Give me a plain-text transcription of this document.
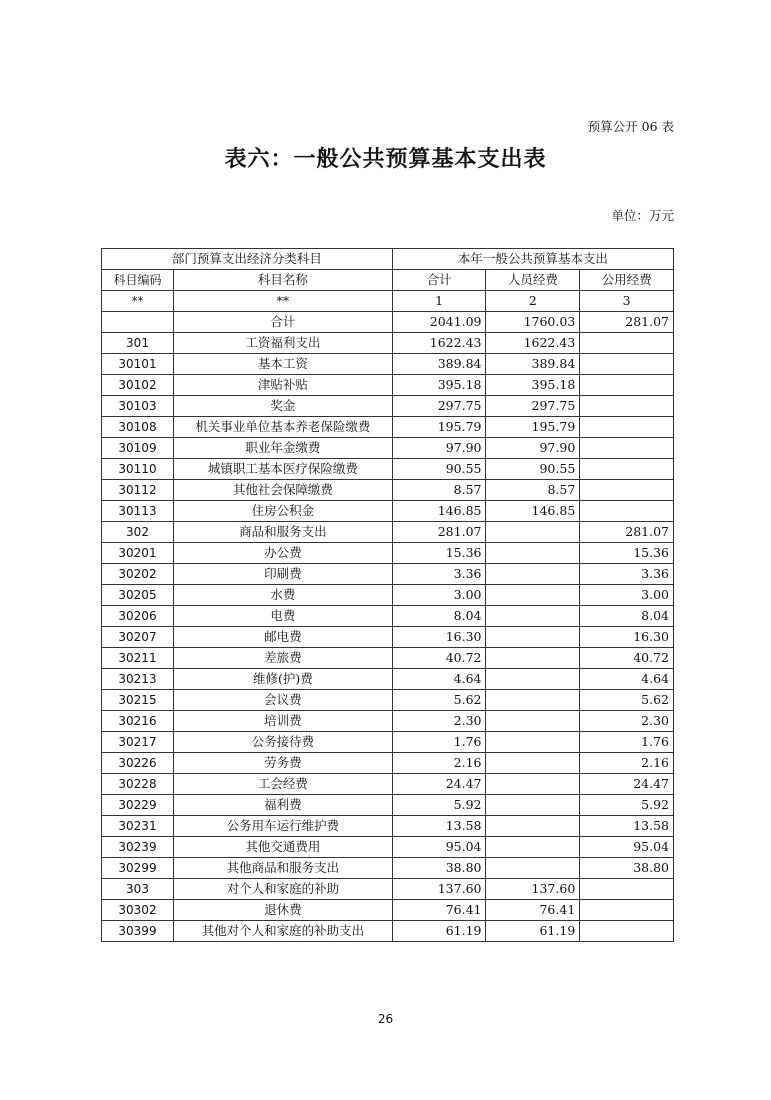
预算公开 06 表
表六：一般公共预算基本支出表
单位：万元
部门预算支出经济分类科目		本年一般公共预算基本支出		
科目编码	科目名称	合计	人员经费	公用经费
**	**	1	2	3
	合计	2041.09	1760.03	281.07
301	工资福利支出	1622.43	1622.43	
30101	基本工资	389.84	389.84	
30102	津贴补贴	395.18	395.18	
30103	奖金	297.75	297.75	
30108	机关事业单位基本养老保险缴费	195.79	195.79	
30109	职业年金缴费	97.90	97.90	
30110	城镇职工基本医疗保险缴费	90.55	90.55	
30112	其他社会保障缴费	8.57	8.57	
30113	住房公积金	146.85	146.85	
302	商品和服务支出	281.07		281.07
30201	办公费	15.36		15.36
30202	印刷费	3.36		3.36
30205	水费	3.00		3.00
30206	电费	8.04		8.04
30207	邮电费	16.30		16.30
30211	差旅费	40.72		40.72
30213	维修(护)费	4.64		4.64
30215	会议费	5.62		5.62
30216	培训费	2.30		2.30
30217	公务接待费	1.76		1.76
30226	劳务费	2.16		2.16
30228	工会经费	24.47		24.47
30229	福利费	5.92		5.92
30231	公务用车运行维护费	13.58		13.58
30239	其他交通费用	95.04		95.04
30299	其他商品和服务支出	38.80		38.80
303	对个人和家庭的补助	137.60	137.60	
30302	退休费	76.41	76.41	
30399	其他对个人和家庭的补助支出	61.19	61.19	
26
